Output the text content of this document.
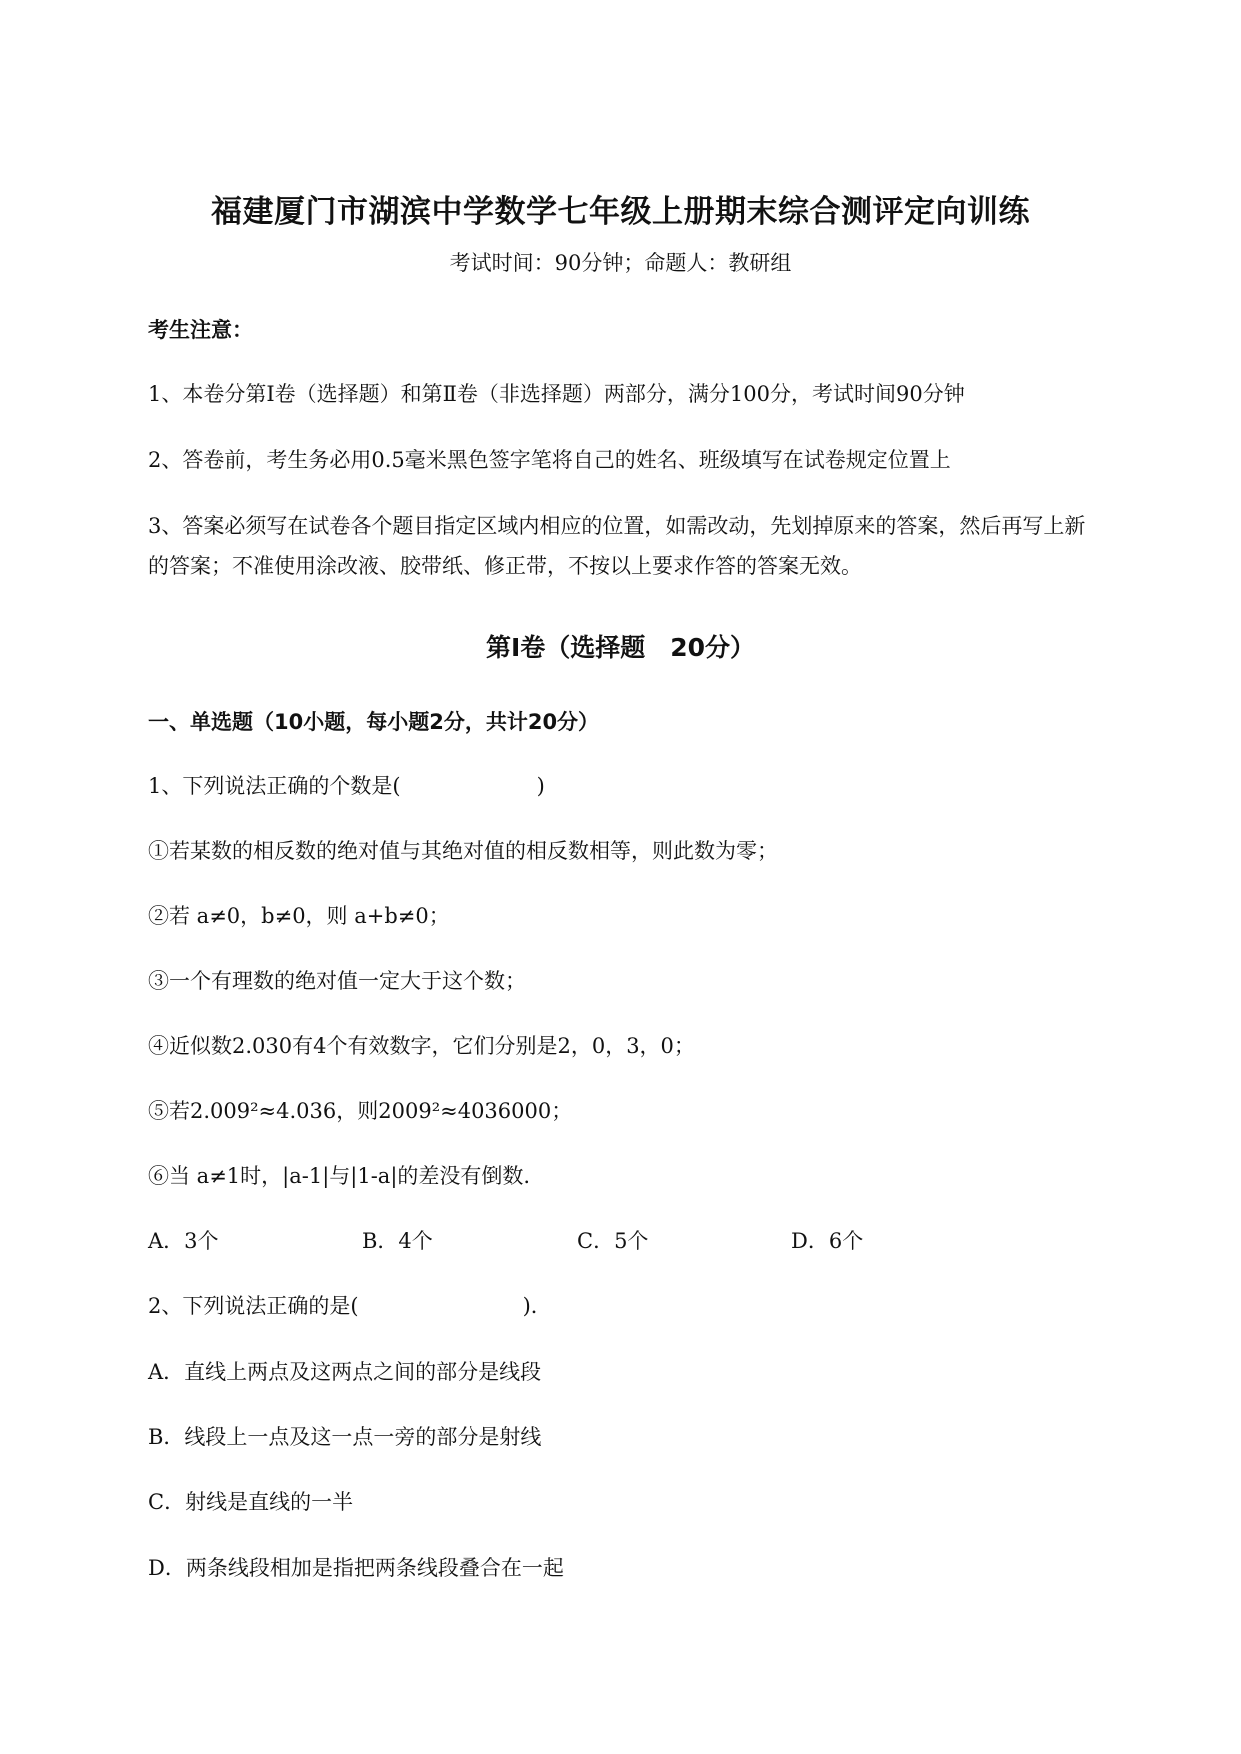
福建厦门市湖滨中学数学七年级上册期末综合测评定向训练
考试时间：90分钟；命题人：教研组
考生注意：
1、本卷分第I卷（选择题）和第Ⅱ卷（非选择题）两部分，满分100分，考试时间90分钟
2、答卷前，考生务必用0.5毫米黑色签字笔将自己的姓名、班级填写在试卷规定位置上
3、答案必须写在试卷各个题目指定区域内相应的位置，如需改动，先划掉原来的答案，然后再写上新
的答案；不准使用涂改液、胶带纸、修正带，不按以上要求作答的答案无效。
第I卷（选择题　20分）
一、单选题（10小题，每小题2分，共计20分）
1、下列说法正确的个数是(	)
①若某数的相反数的绝对值与其绝对值的相反数相等，则此数为零；
②若 a≠0，b≠0，则 a+b≠0；
③一个有理数的绝对值一定大于这个数；
④近似数2.030有4个有效数字，它们分别是2，0，3，0；
⑤若2.009²≈4.036，则2009²≈4036000；
⑥当 a≠1时，|a-1|与|1-a|的差没有倒数.
A．3个	B．4个	C．5个	D．6个
2、下列说法正确的是(	)．
A．直线上两点及这两点之间的部分是线段
B．线段上一点及这一点一旁的部分是射线
C．射线是直线的一半
D．两条线段相加是指把两条线段叠合在一起
